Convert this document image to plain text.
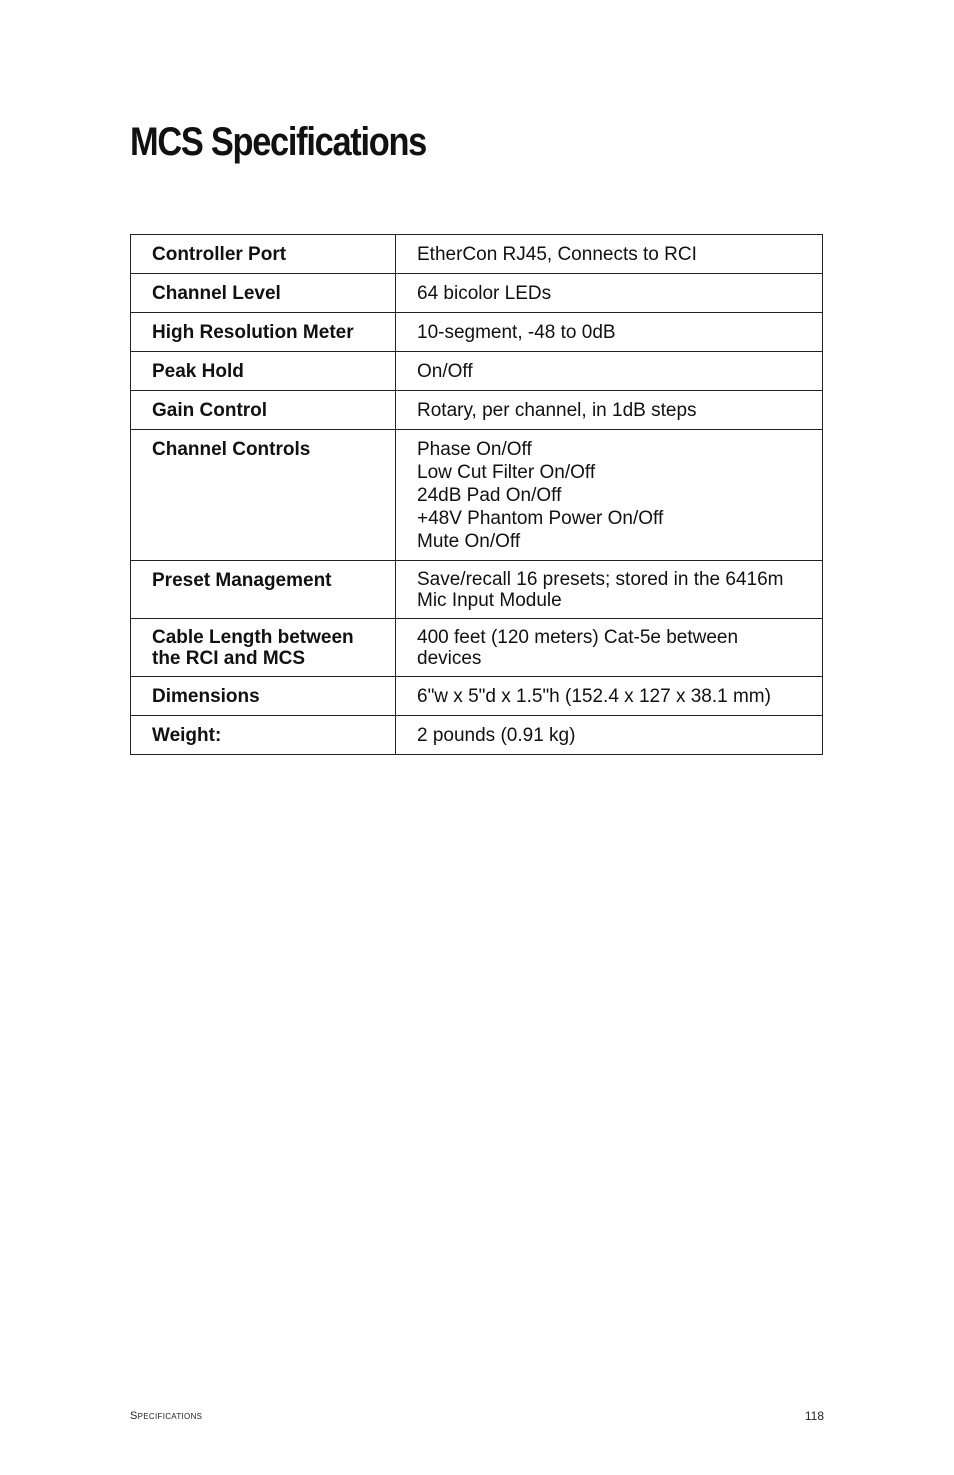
MCS Specifications
Controller Port	EtherCon RJ45, Connects to RCI

Channel Level	64 bicolor LEDs

High Resolution Meter	10-segment, -48 to 0dB

Peak Hold	On/Off

Gain Control	Rotary, per channel, in 1dB steps

Channel Controls	Phase On/Off
Low Cut Filter On/Off
24dB Pad On/Off
+48V Phantom Power On/Off
Mute On/Off

Preset Management	Save/recall 16 presets; stored in the 6416m
Mic Input Module

Cable Length between
the RCI and MCS	400 feet (120 meters) Cat-5e between
devices

Dimensions	6"w x 5"d x 1.5"h (152.4 x 127 x 38.1 mm)

Weight:	2 pounds (0.91 kg)
Specifications	118
